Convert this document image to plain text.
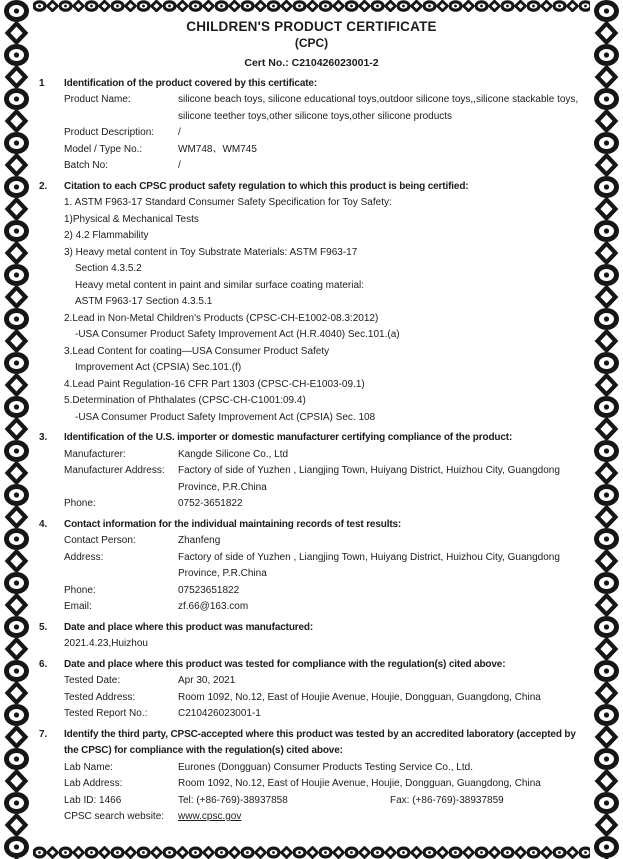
CHILDREN'S PRODUCT CERTIFICATE
(CPC)
Cert No.: C210426023001-2
1	Identification of the product covered by this certificate:
Product Name:	silicone beach toys, silicone educational toys,outdoor silicone toys,,silicone stackable toys, silicone teether toys,other silicone toys,other silicone products
Product Description:	/
Model / Type No.:	WM748、WM745
Batch No:	/
2.	Citation to each CPSC product safety regulation to which this product is being certified:
1. ASTM F963-17 Standard Consumer Safety Specification for Toy Safety:
1)Physical & Mechanical Tests
2) 4.2 Flammability
3) Heavy metal content in Toy Substrate Materials: ASTM F963-17
Section 4.3.5.2
Heavy metal content in paint and similar surface coating material:
ASTM F963-17 Section 4.3.5.1
2.Lead in Non-Metal Children's Products (CPSC-CH-E1002-08.3:2012)
-USA Consumer Product Safety Improvement Act (H.R.4040) Sec.101.(a)
3.Lead Content for coating—USA Consumer Product Safety
Improvement Act (CPSIA) Sec.101.(f)
4.Lead Paint Regulation-16 CFR Part 1303 (CPSC-CH-E1003-09.1)
5.Determination of Phthalates (CPSC-CH-C1001:09.4)
-USA Consumer Product Safety Improvement Act (CPSIA) Sec. 108
3.	Identification of the U.S. importer or domestic manufacturer certifying compliance of the product:
Manufacturer:	Kangde Silicone Co., Ltd
Manufacturer Address:	Factory of side of Yuzhen , Liangjing Town, Huiyang District, Huizhou City, Guangdong Province, P.R.China
Phone:	0752-3651822
4.	Contact information for the individual maintaining records of test results:
Contact Person:	Zhanfeng
Address:	Factory of side of Yuzhen , Liangjing Town, Huiyang District, Huizhou City, Guangdong Province, P.R.China
Phone:	07523651822
Email:	zf.66@163.com
5.	Date and place where this product was manufactured:
2021.4.23,Huizhou
6.	Date and place where this product was tested for compliance with the regulation(s) cited above:
Tested Date:	Apr 30, 2021
Tested Address:	Room 1092, No.12, East of Houjie Avenue, Houjie, Dongguan, Guangdong, China
Tested Report No.:	C210426023001-1
7.	Identify the third party, CPSC-accepted where this product was tested by an accredited laboratory (accepted by the CPSC) for compliance with the regulation(s) cited above:
Lab Name:	Eurones (Dongguan) Consumer Products Testing Service Co., Ltd.
Lab Address:	Room 1092, No.12, East of Houjie Avenue, Houjie, Dongguan, Guangdong, China
Lab ID: 1466	Tel: (+86-769)-38937858	Fax: (+86-769)-38937859
CPSC search website:	www.cpsc.gov
